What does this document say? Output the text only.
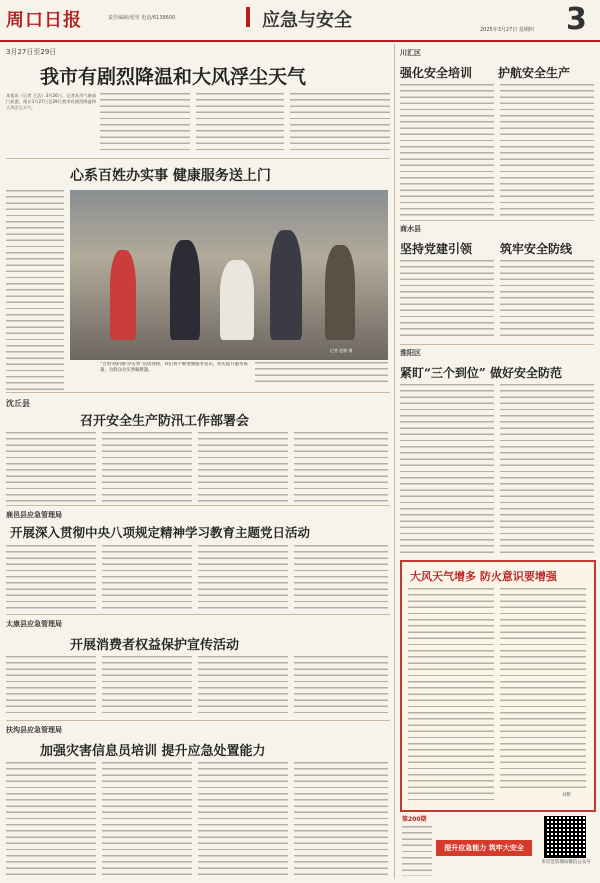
周口日报	责任编辑/张男 电话/6138600	应急与安全	2025年3月27日 星期四 3
3月27日至29日
我市有剧烈降温和大风浮尘天气
本报讯（记者 王浩）3月26日，记者从市气象部门获悉，预计3月27日至29日我市有剧烈降温和大风浮尘天气。
心系百姓办实事 健康服务送上门
记者 赵彬 摄
“告别‘瞎折腾’办实事”活动现场，我们将不断增强服务意识，切实提升服务质量，为群众办实事解难题。
沈丘县
召开安全生产防汛工作部署会
鹿邑县应急管理局
开展深入贯彻中央八项规定精神学习教育主题党日活动
太康县应急管理局
开展消费者权益保护宣传活动
扶沟县应急管理局
加强灾害信息员培训 提升应急处置能力
川汇区
强化安全培训 护航安全生产
商水县
坚持党建引领 筑牢安全防线
淮阳区
紧盯“三个到位” 做好安全防范
大风天气增多 防火意识要增强
刘彬
第200期
提升应急能力 筑牢大安全
市应急管理局微信公众号
